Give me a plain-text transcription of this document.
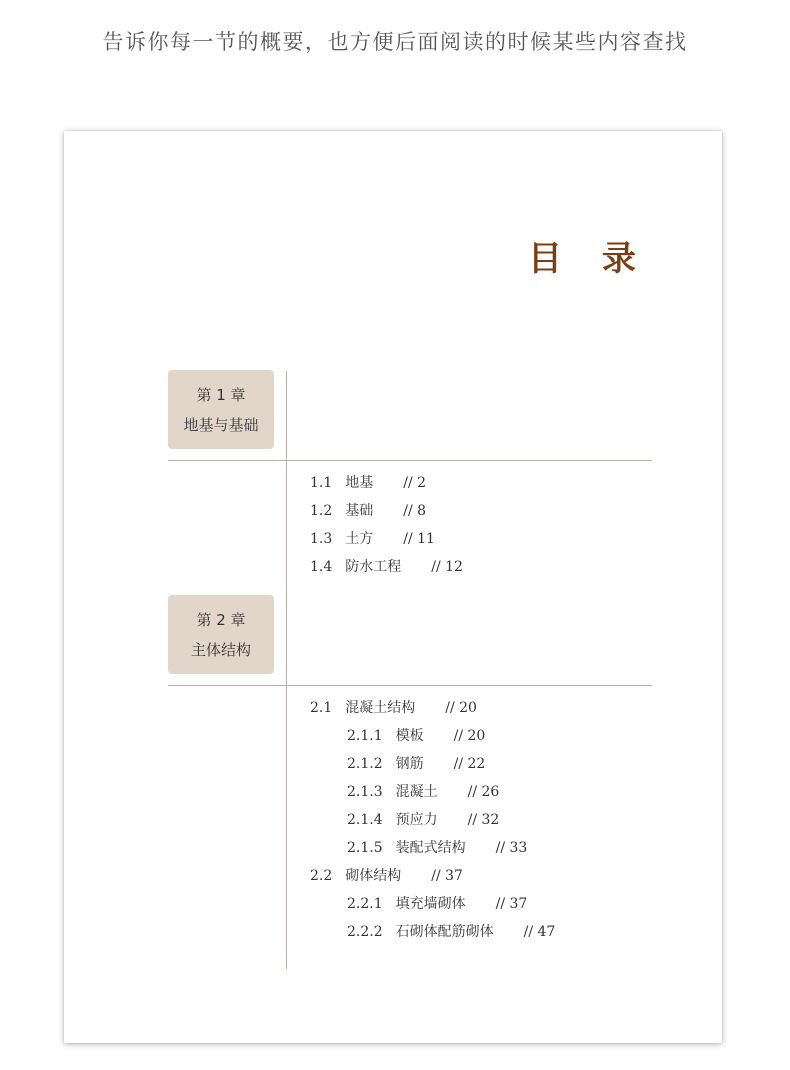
告诉你每一节的概要，也方便后面阅读的时候某些内容查找
目 录
第 1 章
地基与基础
1.1 地基 // 2
1.2 基础 // 8
1.3 土方 // 11
1.4 防水工程 // 12
第 2 章
主体结构
2.1 混凝土结构 // 20
2.1.1 模板 // 20
2.1.2 钢筋 // 22
2.1.3 混凝土 // 26
2.1.4 预应力 // 32
2.1.5 装配式结构 // 33
2.2 砌体结构 // 37
2.2.1 填充墙砌体 // 37
2.2.2 石砌体配筋砌体 // 47
